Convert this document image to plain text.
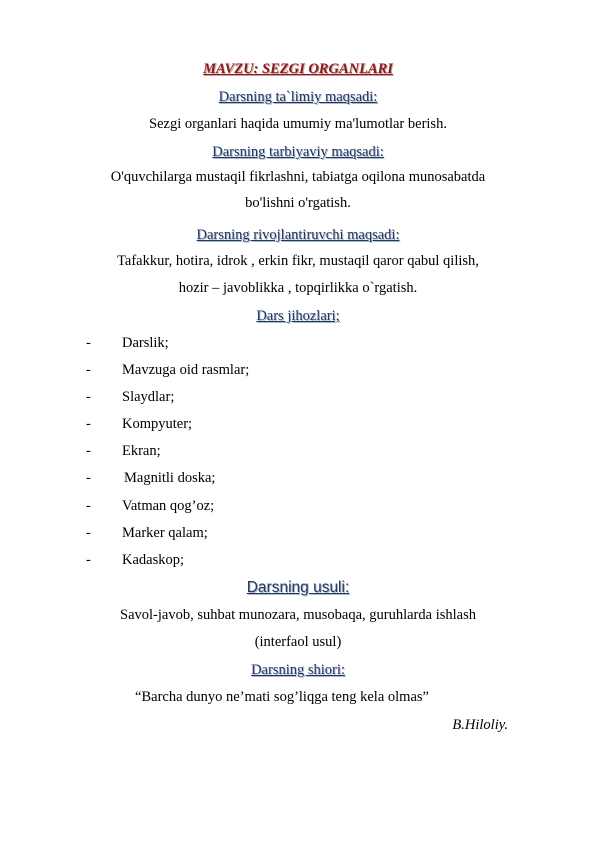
MAVZU: SEZGI ORGANLARI
Darsning ta`limiy maqsadi:
Sezgi organlari haqida umumiy ma'lumotlar berish.
Darsning tarbiyaviy maqsadi:
O'quvchilarga mustaqil fikrlashni, tabiatga oqilona munosabatda
bo'lishni o'rgatish.
Darsning rivojlantiruvchi maqsadi:
Tafakkur, hotira, idrok , erkin fikr, mustaqil qaror qabul qilish,
hozir – javoblikka , topqirlikka o`rgatish.
Dars jihozlari;
- Darslik;
- Mavzuga oid rasmlar;
- Slaydlar;
- Kompyuter;
- Ekran;
- Magnitli doska;
- Vatman qog’oz;
- Marker qalam;
- Kadaskop;
Darsning usuli:
Savol-javob, suhbat munozara, musobaqa, guruhlarda ishlash
(interfaol usul)
Darsning shiori:
“Barcha dunyo ne’mati sog’liqga teng kela olmas”
B.Hiloliy.
